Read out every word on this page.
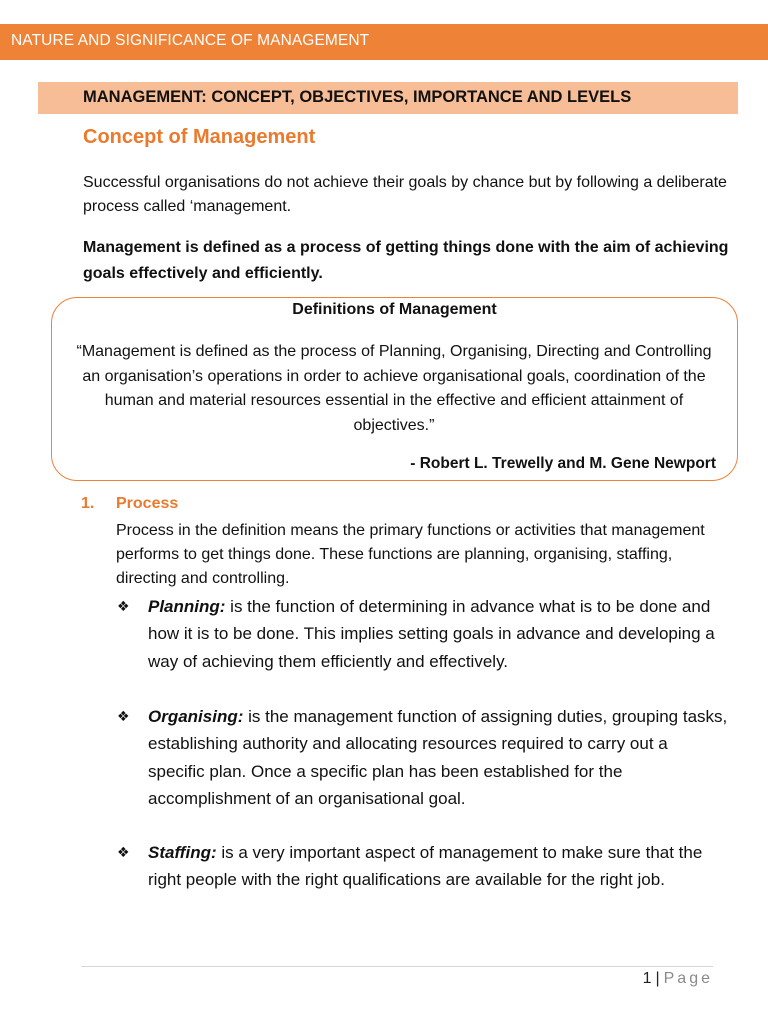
NATURE AND SIGNIFICANCE OF MANAGEMENT
MANAGEMENT: CONCEPT, OBJECTIVES, IMPORTANCE AND LEVELS
Concept of Management
Successful organisations do not achieve their goals by chance but by following a deliberate process called ‘management.
Management is defined as a process of getting things done with the aim of achieving goals effectively and efficiently.
Definitions of Management
“Management is defined as the process of Planning, Organising, Directing and Controlling an organisation’s operations in order to achieve organisational goals, coordination of the human and material resources essential in the effective and efficient attainment of objectives.”
- Robert L. Trewelly and M. Gene Newport
1. Process
Process in the definition means the primary functions or activities that management performs to get things done. These functions are planning, organising, staffing, directing and controlling.
❖ Planning: is the function of determining in advance what is to be done and how it is to be done. This implies setting goals in advance and developing a way of achieving them efficiently and effectively.
❖ Organising: is the management function of assigning duties, grouping tasks, establishing authority and allocating resources required to carry out a specific plan. Once a specific plan has been established for the accomplishment of an organisational goal.
❖ Staffing: is a very important aspect of management to make sure that the right people with the right qualifications are available for the right job.
1 | Page
